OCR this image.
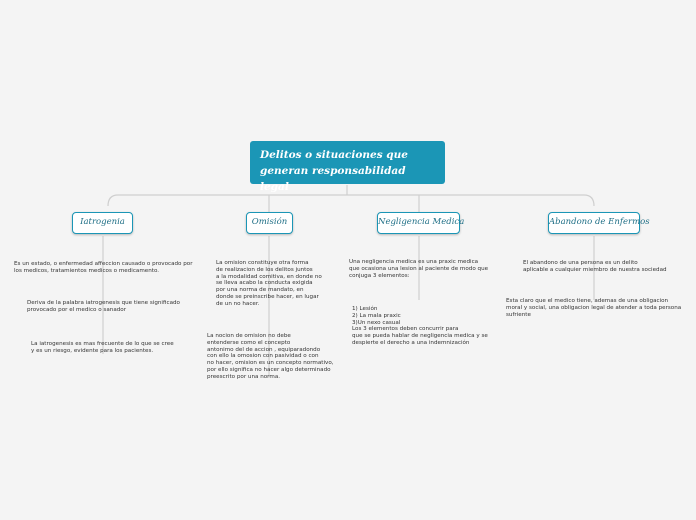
Delitos o situaciones que generan responsabilidad legal
Iatrogenia	Omisión	Negligencia Medica	Abandono de Enfermos
Es un estado, o enfermedad affeccion causado o provocado por
los medicos, tratamientos medicos o medicamento.
Deriva de la palabra iatrogenesis que tiene significado
provocado por el medico o sanador
La iatrogenesis es mas frecuente de lo que se cree
y es un riesgo, evidente para los pacientes.
La omision constituye otra forma
de realizacion de los delitos juntos
a la modalidad comitiva, en donde no
se lleva acabo la conducta exigida
por una norma de mandato, en
donde se preinscribe hacer, en lugar
de un no hacer.
La nocion de omision no debe
entenderse como el concepto
antonimo del de accion , equiparadondo
con ello la omosion con pasividad o con
no hacer, omision es un concepto normativo,
por ello significa no hacer algo determinado
preescrito por una norma.
Una negligencia medica es una praxic medica
que ocasiona una lesion al paciente de modo que
conjuga 3 elementos:
1) Lesión
2) La mala praxic
3)Un nexo casual
Los 3 elementos deben concurrir para
que se pueda hablar de negligencia medica y se
despierte el derecho a una indemnización
El abandono de una persona es un delito
aplicable a cualquier miembro de nuestra sociedad
Esta claro que el medico tiene, ademas de una obligacion
moral y social, una obligacion legal de atender a toda persona
sufriente
